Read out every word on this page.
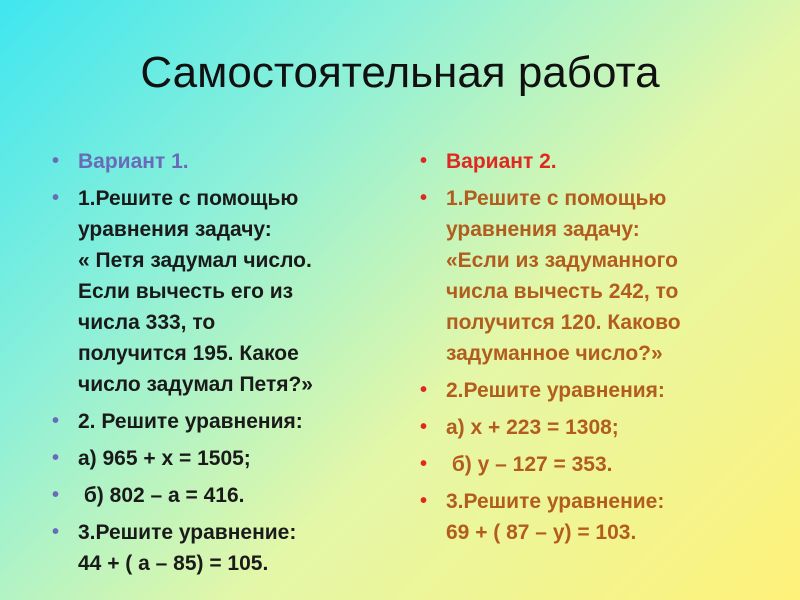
Самостоятельная работа
• Вариант 1.
• 1.Решите с помощью
уравнения задачу:
« Петя задумал число.
Если вычесть его из
числа 333, то
получится 195. Какое
число задумал Петя?»
• 2. Решите уравнения:
• а) 965 + х = 1505;
• б) 802 – а = 416.
• 3.Решите уравнение:
44 + ( а – 85) = 105.
• Вариант 2.
• 1.Решите с помощью
уравнения задачу:
«Если из задуманного
числа вычесть 242, то
получится 120. Каково
задуманное число?»
• 2.Решите уравнения:
• а) х + 223 = 1308;
• б) у – 127 = 353.
• 3.Решите уравнение:
69 + ( 87 – у) = 103.
